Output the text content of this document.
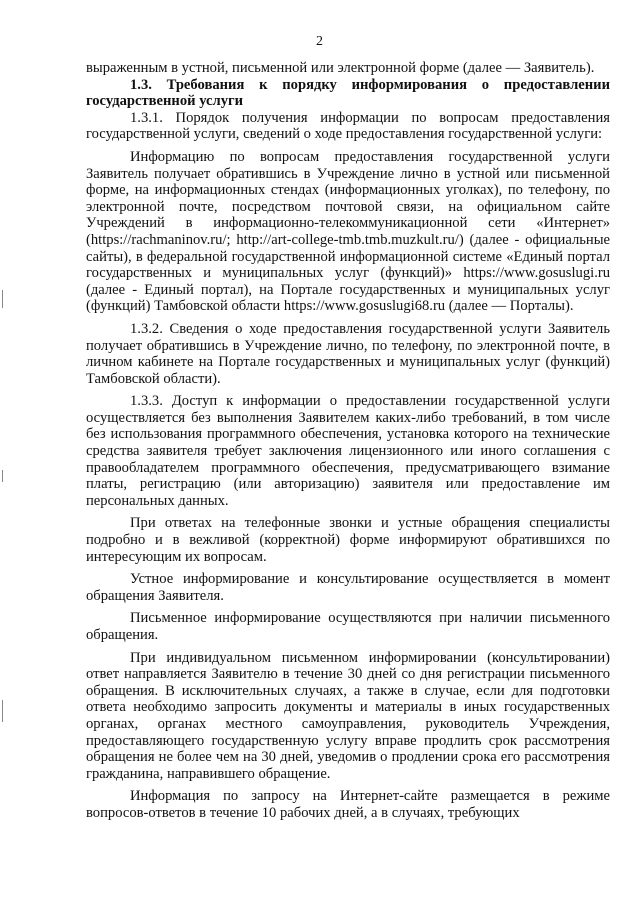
2

выраженным в устной, письменной или электронной форме (далее — Заявитель).

1.3. Требования к порядку информирования о предоставлении государственной услуги

1.3.1. Порядок получения информации по вопросам предоставления государственной услуги, сведений о ходе предоставления государственной услуги:

Информацию по вопросам предоставления государственной услуги Заявитель получает обратившись в Учреждение лично в устной или письменной форме, на информационных стендах (информационных уголках), по телефону, по электронной почте, посредством почтовой связи, на официальном сайте Учреждений в информационно-телекоммуникационной сети «Интернет» (https://rachmaninov.ru/; http://art-college-tmb.tmb.muzkult.ru/) (далее - официальные сайты), в федеральной государственной информационной системе «Единый портал государственных и муниципальных услуг (функций)» https://www.gosuslugi.ru (далее - Единый портал), на Портале государственных и муниципальных услуг (функций) Тамбовской области https://www.gosuslugi68.ru (далее — Порталы).

1.3.2. Сведения о ходе предоставления государственной услуги Заявитель получает обратившись в Учреждение лично, по телефону, по электронной почте, в личном кабинете на Портале государственных и муниципальных услуг (функций) Тамбовской области).

1.3.3. Доступ к информации о предоставлении государственной услуги осуществляется без выполнения Заявителем каких-либо требований, в том числе без использования программного обеспечения, установка которого на технические средства заявителя требует заключения лицензионного или иного соглашения с правообладателем программного обеспечения, предусматривающего взимание платы, регистрацию (или авторизацию) заявителя или предоставление им персональных данных.

При ответах на телефонные звонки и устные обращения специалисты подробно и в вежливой (корректной) форме информируют обратившихся по интересующим их вопросам.

Устное информирование и консультирование осуществляется в момент обращения Заявителя.

Письменное информирование осуществляются при наличии письменного обращения.

При индивидуальном письменном информировании (консультировании) ответ направляется Заявителю в течение 30 дней со дня регистрации письменного обращения. В исключительных случаях, а также в случае, если для подготовки ответа необходимо запросить документы и материалы в иных государственных органах, органах местного самоуправления, руководитель Учреждения, предоставляющего государственную услугу вправе продлить срок рассмотрения обращения не более чем на 30 дней, уведомив о продлении срока его рассмотрения гражданина, направившего обращение.

Информация по запросу на Интернет-сайте размещается в режиме вопросов-ответов в течение 10 рабочих дней, а в случаях, требующих
